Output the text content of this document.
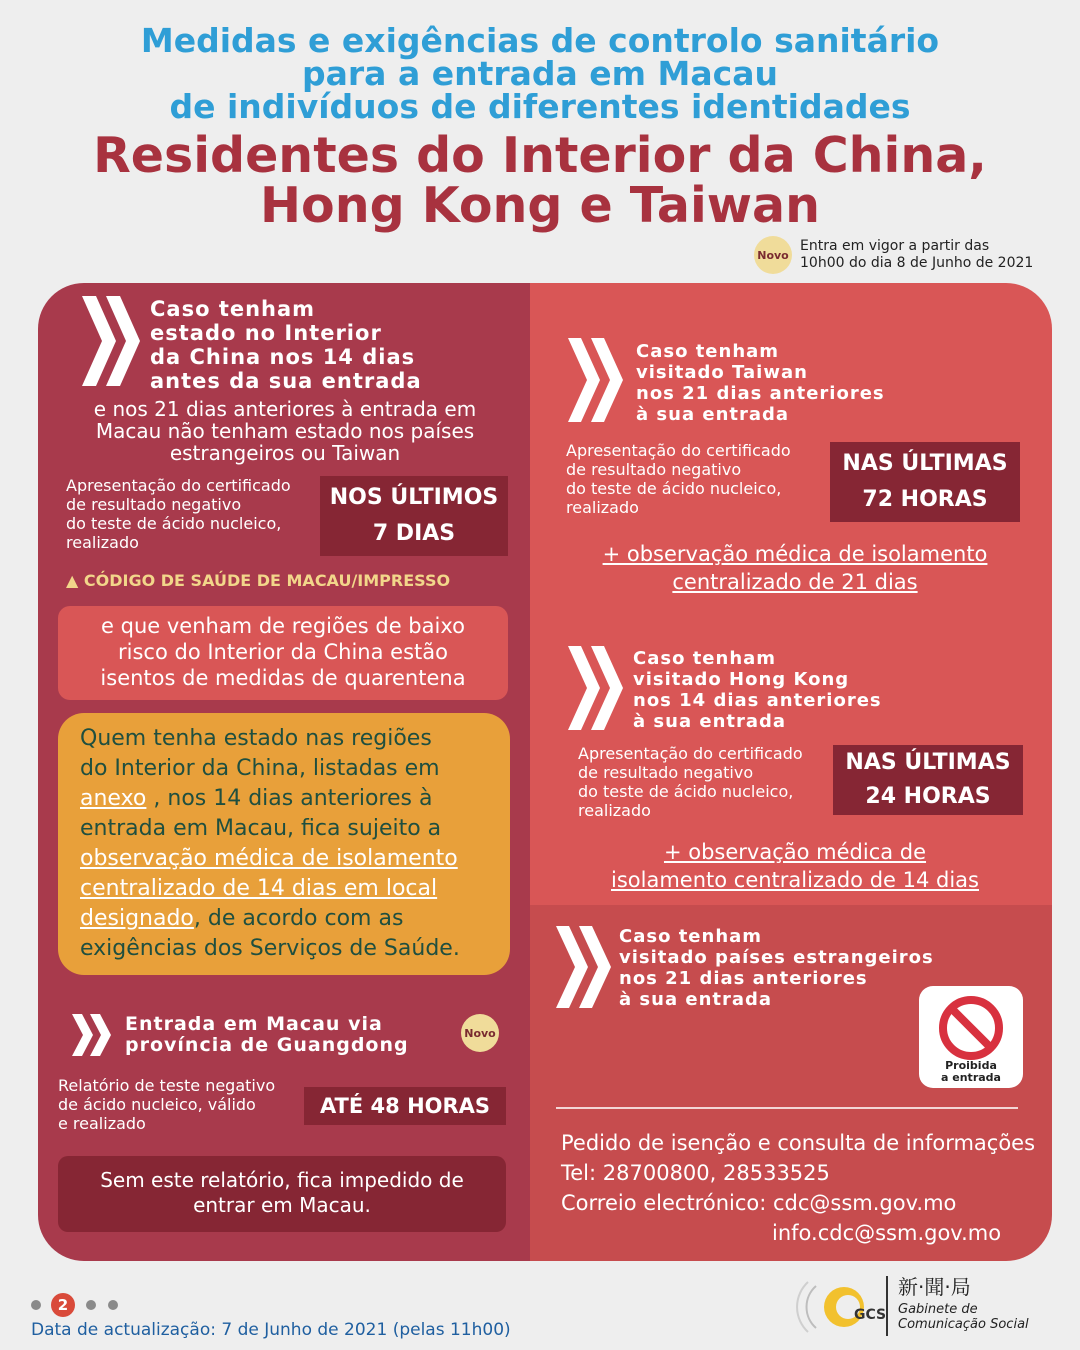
Medidas e exigências de controlo sanitário
para a entrada em Macau
de indivíduos de diferentes identidades
Residentes do Interior da China,
Hong Kong e Taiwan
Novo
Entra em vigor a partir das
10h00 do dia 8 de Junho de 2021
Caso tenham
estado no Interior
da China nos 14 dias
antes da sua entrada
e nos 21 dias anteriores à entrada em
Macau não tenham estado nos países
estrangeiros ou Taiwan
Apresentação do certificado
de resultado negativo
do teste de ácido nucleico,
realizado
NOS ÚLTIMOS
7 DIAS
▲ CÓDIGO DE SAÚDE DE MACAU/IMPRESSO
e que venham de regiões de baixo
risco do Interior da China estão
isentos de medidas de quarentena
Quem tenha estado nas regiões
do Interior da China, listadas em
anexo , nos 14 dias anteriores à
entrada em Macau, fica sujeito a
observação médica de isolamento
centralizado de 14 dias em local
designado, de acordo com as
exigências dos Serviços de Saúde.
Entrada em Macau via
província de Guangdong
Novo
Relatório de teste negativo
de ácido nucleico, válido
e realizado
ATÉ 48 HORAS
Sem este relatório, fica impedido de
entrar em Macau.
Caso tenham
visitado Taiwan
nos 21 dias anteriores
à sua entrada
Apresentação do certificado
de resultado negativo
do teste de ácido nucleico,
realizado
NAS ÚLTIMAS
72 HORAS
+ observação médica de isolamento
centralizado de 21 dias
Caso tenham
visitado Hong Kong
nos 14 dias anteriores
à sua entrada
Apresentação do certificado
de resultado negativo
do teste de ácido nucleico,
realizado
NAS ÚLTIMAS
24 HORAS
+ observação médica de
isolamento centralizado de 14 dias
Caso tenham
visitado países estrangeiros
nos 21 dias anteriores
à sua entrada
Proibida
a entrada
Pedido de isenção e consulta de informações
Tel: 28700800, 28533525
Correio electrónico: cdc@ssm.gov.mo
info.cdc@ssm.gov.mo
2
Data de actualização: 7 de Junho de 2021 (pelas 11h00)
GCS
新·聞·局
Gabinete de
Comunicação Social
